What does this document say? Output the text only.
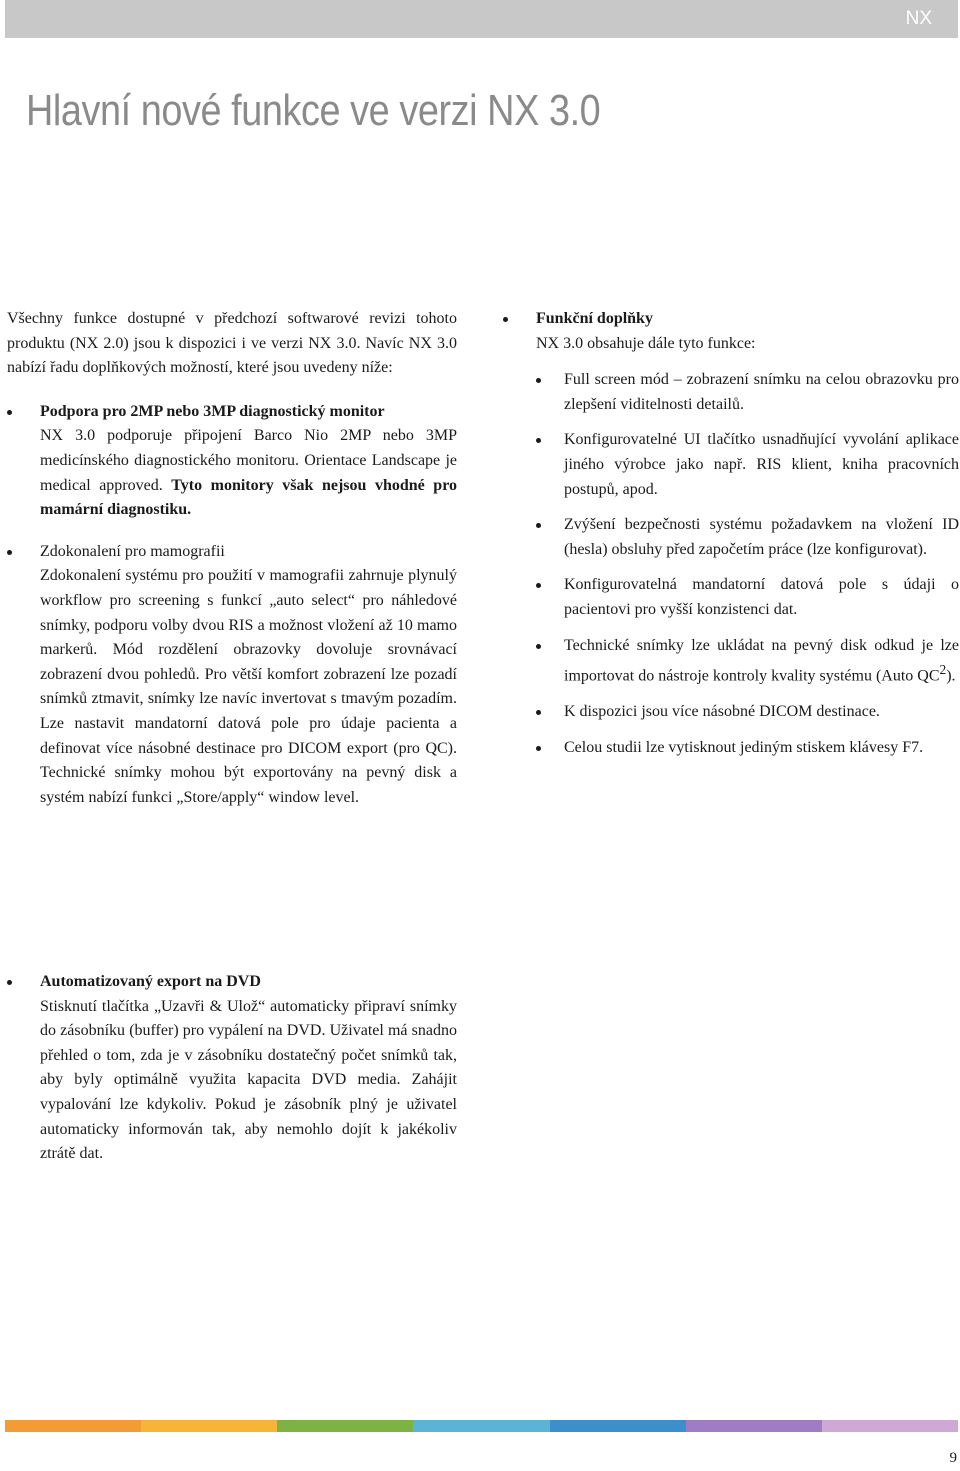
NX
Hlavní nové funkce ve verzi NX 3.0

Všechny funkce dostupné v předchozí softwarové revizi tohoto produktu (NX 2.0) jsou k dispozici i ve verzi NX 3.0. Navíc NX 3.0 nabízí řadu doplňkových možností, které jsou uvedeny níže:

Podpora pro 2MP nebo 3MP diagnostický monitor
NX 3.0 podporuje připojení Barco Nio 2MP nebo 3MP medicínského diagnostického monitoru. Orientace Landscape je medical approved. Tyto monitory však nejsou vhodné pro mamární diagnostiku.
Zdokonalení pro mamografii
Zdokonalení systému pro použití v mamografii zahrnuje plynulý workflow pro screening s funkcí „auto select“ pro náhledové snímky, podporu volby dvou RIS a možnost vložení až 10 mamo markerů. Mód rozdělení obrazovky dovoluje srovnávací zobrazení dvou pohledů. Pro větší komfort zobrazení lze pozadí snímků ztmavit, snímky lze navíc invertovat s tmavým pozadím. Lze nastavit mandatorní datová pole pro údaje pacienta a definovat více násobné destinace pro DICOM export (pro QC). Technické snímky mohou být exportovány na pevný disk a systém nabízí funkci „Store/apply“ window level.
Automatizovaný export na DVD
Stisknutí tlačítka „Uzavři & Ulož“ automaticky připraví snímky do zásobníku (buffer) pro vypálení na DVD. Uživatel má snadno přehled o tom, zda je v zásobníku dostatečný počet snímků tak, aby byly optimálně využita kapacita DVD media. Zahájit vypalování lze kdykoliv. Pokud je zásobník plný je uživatel automaticky informován tak, aby nemohlo dojít k jakékoliv ztrátě dat.
Funkční doplňky
NX 3.0 obsahuje dále tyto funkce:
Full screen mód – zobrazení snímku na celou obrazovku pro zlepšení viditelnosti detailů.
Konfigurovatelné UI tlačítko usnadňující vyvolání aplikace jiného výrobce jako např. RIS klient, kniha pracovních postupů, apod.
Zvýšení bezpečnosti systému požadavkem na vložení ID (hesla) obsluhy před započetím práce (lze konfigurovat).
Konfigurovatelná mandatorní datová pole s údaji o pacientovi pro vyšší konzistenci dat.
Technické snímky lze ukládat na pevný disk odkud je lze importovat do nástroje kontroly kvality systému (Auto $QC^2$).
K dispozici jsou více násobné DICOM destinace.
Celou studii lze vytisknout jediným stiskem klávesy F7.
9
